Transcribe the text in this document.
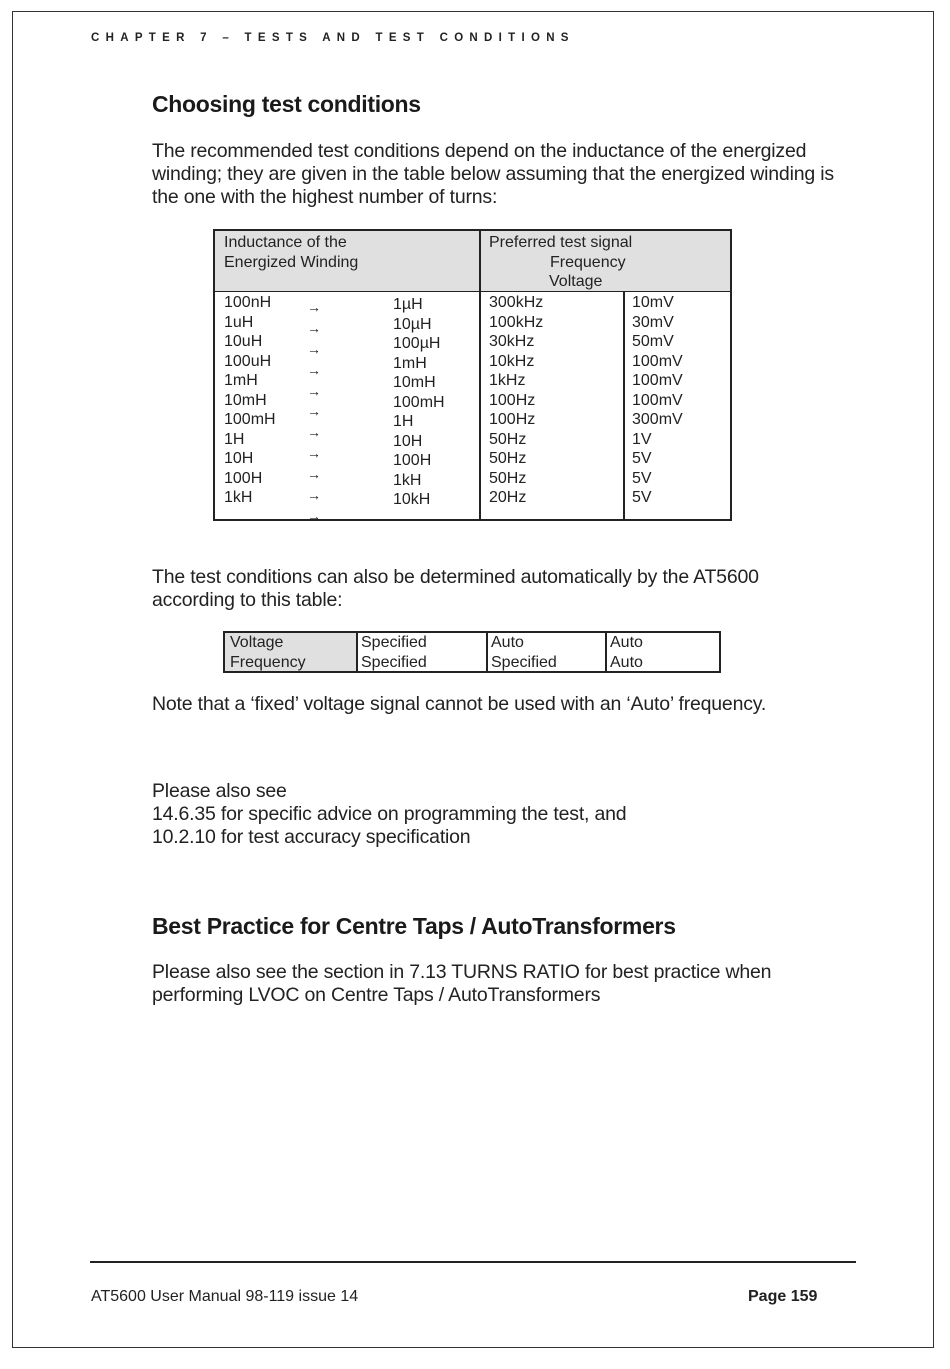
CHAPTER 7 – TESTS AND TEST CONDITIONS
Choosing test conditions
The recommended test conditions depend on the inductance of the energized
winding; they are given in the table below assuming that the energized winding is
the one with the highest number of turns:
Inductance of the
Energized Winding
Preferred test signal
Frequency
Voltage
100nH
1uH
10uH
100uH
1mH
10mH
100mH
1H
10H
100H
1kH
→
→
→
→
→
→
→
→
→
→
→
1µH
10µH
100µH
1mH
10mH
100mH
1H
10H
100H
1kH
10kH
300kHz
100kHz
30kHz
10kHz
1kHz
100Hz
100Hz
50Hz
50Hz
50Hz
20Hz
10mV
30mV
50mV
100mV
100mV
100mV
300mV
1V
5V
5V
5V
The test conditions can also be determined automatically by the AT5600
according to this table:
Voltage
Frequency
Specified
Specified
Auto
Specified
Auto
Auto
Note that a ‘fixed’ voltage signal cannot be used with an ‘Auto’ frequency.
Please also see
14.6.35 for specific advice on programming the test, and
10.2.10 for test accuracy specification
Best Practice for Centre Taps / AutoTransformers
Please also see the section in 7.13 TURNS RATIO for best practice when
performing LVOC on Centre Taps / AutoTransformers
AT5600 User Manual 98-119 issue 14	Page 159
